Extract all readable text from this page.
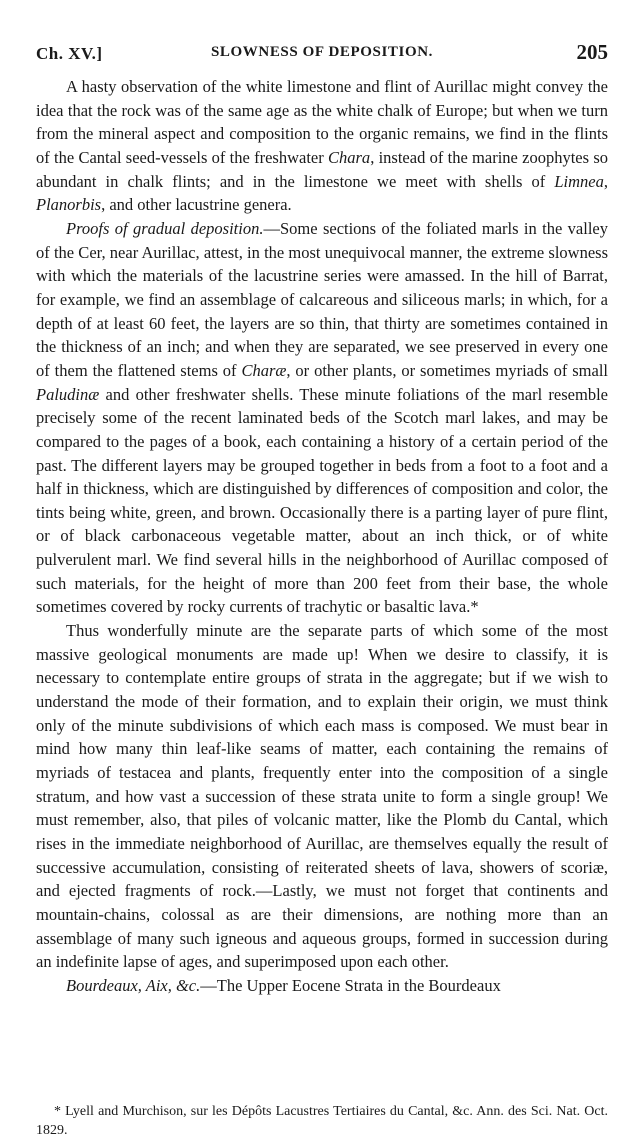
Ch. XV.]	SLOWNESS OF DEPOSITION.	205

A hasty observation of the white limestone and flint of Aurillac might convey the idea that the rock was of the same age as the white chalk of Europe; but when we turn from the mineral aspect and composition to the organic remains, we find in the flints of the Cantal seed-vessels of the freshwater Chara, instead of the marine zoophytes so abundant in chalk flints; and in the limestone we meet with shells of Limnea, Planorbis, and other lacustrine genera.

Proofs of gradual deposition.—Some sections of the foliated marls in the valley of the Cer, near Aurillac, attest, in the most unequivocal manner, the extreme slowness with which the materials of the lacustrine series were amassed. In the hill of Barrat, for example, we find an assemblage of calcareous and siliceous marls; in which, for a depth of at least 60 feet, the layers are so thin, that thirty are sometimes contained in the thickness of an inch; and when they are separated, we see preserved in every one of them the flattened stems of Charæ, or other plants, or sometimes myriads of small Paludinæ and other freshwater shells. These minute foliations of the marl resemble precisely some of the recent laminated beds of the Scotch marl lakes, and may be compared to the pages of a book, each containing a history of a certain period of the past. The different layers may be grouped together in beds from a foot to a foot and a half in thickness, which are distinguished by differences of composition and color, the tints being white, green, and brown. Occasionally there is a parting layer of pure flint, or of black carbonaceous vegetable matter, about an inch thick, or of white pulverulent marl. We find several hills in the neighborhood of Aurillac composed of such materials, for the height of more than 200 feet from their base, the whole sometimes covered by rocky currents of trachytic or basaltic lava.*

Thus wonderfully minute are the separate parts of which some of the most massive geological monuments are made up! When we desire to classify, it is necessary to contemplate entire groups of strata in the aggregate; but if we wish to understand the mode of their formation, and to explain their origin, we must think only of the minute subdivisions of which each mass is composed. We must bear in mind how many thin leaf-like seams of matter, each containing the remains of myriads of testacea and plants, frequently enter into the composition of a single stratum, and how vast a succession of these strata unite to form a single group! We must remember, also, that piles of volcanic matter, like the Plomb du Cantal, which rises in the immediate neighborhood of Aurillac, are themselves equally the result of successive accumulation, consisting of reiterated sheets of lava, showers of scoriæ, and ejected fragments of rock.—Lastly, we must not forget that continents and mountain-chains, colossal as are their dimensions, are nothing more than an assemblage of many such igneous and aqueous groups, formed in succession during an indefinite lapse of ages, and superimposed upon each other.

Bourdeaux, Aix, &c.—The Upper Eocene Strata in the Bourdeaux

* Lyell and Murchison, sur les Dépôts Lacustres Tertiaires du Cantal, &c. Ann. des Sci. Nat. Oct. 1829.
